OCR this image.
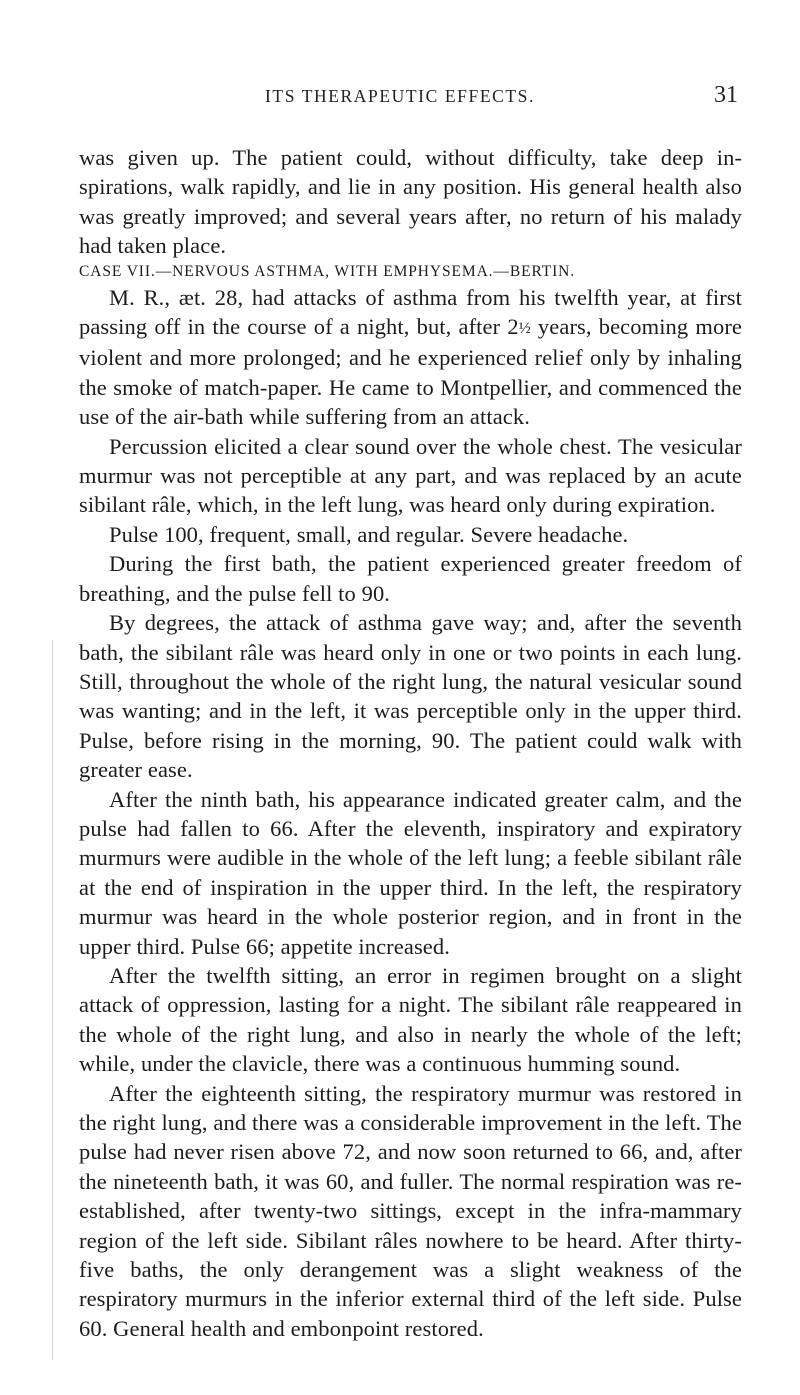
ITS THERAPEUTIC EFFECTS.	31

was given up. The patient could, without difficulty, take deep inspirations, walk rapidly, and lie in any position. His general health also was greatly improved; and several years after, no return of his malady had taken place.

CASE VII.—NERVOUS ASTHMA, WITH EMPHYSEMA.—BERTIN.

M. R., æt. 28, had attacks of asthma from his twelfth year, at first passing off in the course of a night, but, after 2½ years, becoming more violent and more prolonged; and he experienced relief only by inhaling the smoke of match-paper. He came to Montpellier, and commenced the use of the air-bath while suffering from an attack.

Percussion elicited a clear sound over the whole chest. The vesicular murmur was not perceptible at any part, and was replaced by an acute sibilant râle, which, in the left lung, was heard only during expiration.

Pulse 100, frequent, small, and regular. Severe headache.

During the first bath, the patient experienced greater freedom of breathing, and the pulse fell to 90.

By degrees, the attack of asthma gave way; and, after the seventh bath, the sibilant râle was heard only in one or two points in each lung. Still, throughout the whole of the right lung, the natural vesicular sound was wanting; and in the left, it was perceptible only in the upper third. Pulse, before rising in the morning, 90. The patient could walk with greater ease.

After the ninth bath, his appearance indicated greater calm, and the pulse had fallen to 66. After the eleventh, inspiratory and expiratory murmurs were audible in the whole of the left lung; a feeble sibilant râle at the end of inspiration in the upper third. In the left, the respiratory murmur was heard in the whole posterior region, and in front in the upper third. Pulse 66; appetite increased.

After the twelfth sitting, an error in regimen brought on a slight attack of oppression, lasting for a night. The sibilant râle reappeared in the whole of the right lung, and also in nearly the whole of the left; while, under the clavicle, there was a continuous humming sound.

After the eighteenth sitting, the respiratory murmur was restored in the right lung, and there was a considerable improvement in the left. The pulse had never risen above 72, and now soon returned to 66, and, after the nineteenth bath, it was 60, and fuller. The normal respiration was re-established, after twenty-two sittings, except in the infra-mammary region of the left side. Sibilant râles nowhere to be heard. After thirty-five baths, the only derangement was a slight weakness of the respiratory murmurs in the inferior external third of the left side. Pulse 60. General health and embonpoint restored.
